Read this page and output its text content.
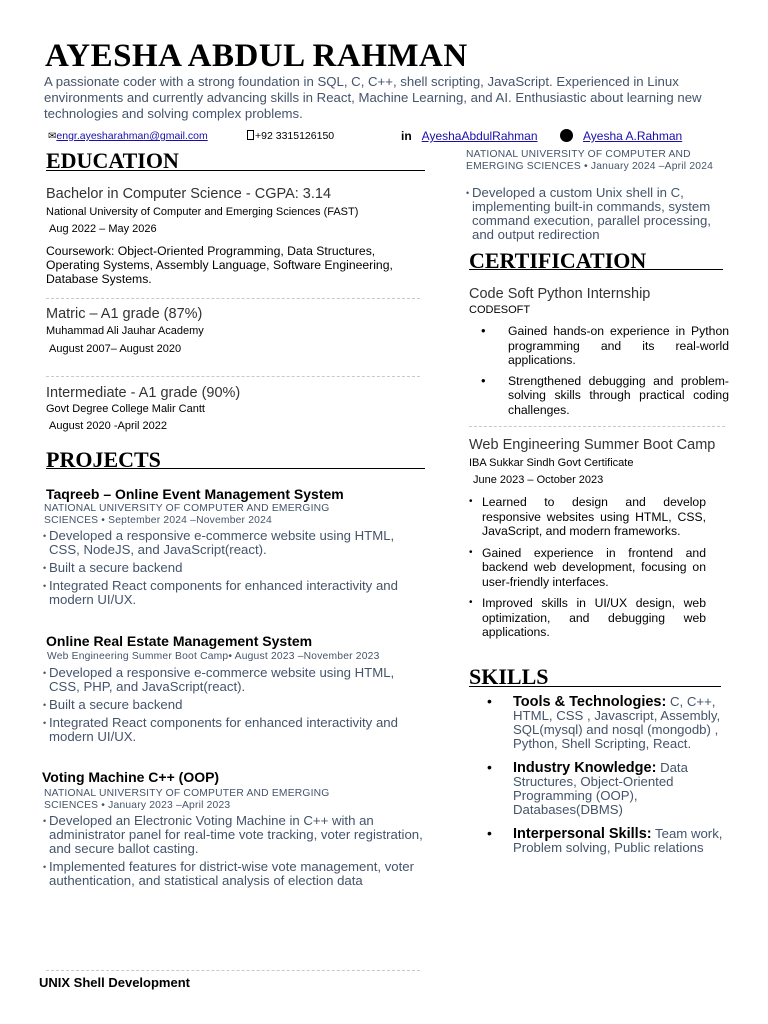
AYESHA ABDUL RAHMAN
A passionate coder with a strong foundation in SQL, C, C++, shell scripting, JavaScript. Experienced in Linux environments and currently advancing skills in React, Machine Learning, and AI. Enthusiastic about learning new technologies and solving complex problems.
✉engr.ayesharahman@gmail.com	+92 3315126150	in AyeshaAbdulRahman	Ayesha A.Rahman
EDUCATION
Bachelor in Computer Science - CGPA: 3.14
National University of Computer and Emerging Sciences (FAST)
Aug 2022 – May 2026
Coursework: Object-Oriented Programming, Data Structures, Operating Systems, Assembly Language, Software Engineering, Database Systems.
Matric – A1 grade (87%)
Muhammad Ali Jauhar Academy
August 2007– August 2020
Intermediate - A1 grade (90%)
Govt Degree College Malir Cantt
August 2020 -April 2022
PROJECTS
Taqreeb – Online Event Management System
NATIONAL UNIVERSITY OF COMPUTER AND EMERGING SCIENCES • September 2024 –November 2024
• Developed a responsive e-commerce website using HTML, CSS, NodeJS, and JavaScript(react).
• Built a secure backend
• Integrated React components for enhanced interactivity and modern UI/UX.
Online Real Estate Management System
Web Engineering Summer Boot Camp• August 2023 –November 2023
• Developed a responsive e-commerce website using HTML, CSS, PHP, and JavaScript(react).
• Built a secure backend
• Integrated React components for enhanced interactivity and modern UI/UX.
Voting Machine C++ (OOP)
NATIONAL UNIVERSITY OF COMPUTER AND EMERGING SCIENCES • January 2023 –April 2023
• Developed an Electronic Voting Machine in C++ with an administrator panel for real-time vote tracking, voter registration, and secure ballot casting.
• Implemented features for district-wise vote management, voter authentication, and statistical analysis of election data
UNIX Shell Development
NATIONAL UNIVERSITY OF COMPUTER AND EMERGING SCIENCES • January 2024 –April 2024
• Developed a custom Unix shell in C, implementing built-in commands, system command execution, parallel processing, and output redirection
CERTIFICATION
Code Soft Python Internship
CODESOFT
• Gained hands-on experience in Python programming and its real-world applications.
• Strengthened debugging and problem-solving skills through practical coding challenges.
Web Engineering Summer Boot Camp
IBA Sukkar Sindh Govt Certificate
June 2023 – October 2023
• Learned to design and develop responsive websites using HTML, CSS, JavaScript, and modern frameworks.
• Gained experience in frontend and backend web development, focusing on user-friendly interfaces.
• Improved skills in UI/UX design, web optimization, and debugging web applications.
SKILLS
• Tools & Technologies: C, C++, HTML, CSS , Javascript, Assembly, SQL(mysql) and nosql (mongodb) , Python, Shell Scripting, React.
• Industry Knowledge: Data Structures, Object-Oriented Programming (OOP), Databases(DBMS)
• Interpersonal Skills: Team work, Problem solving, Public relations
